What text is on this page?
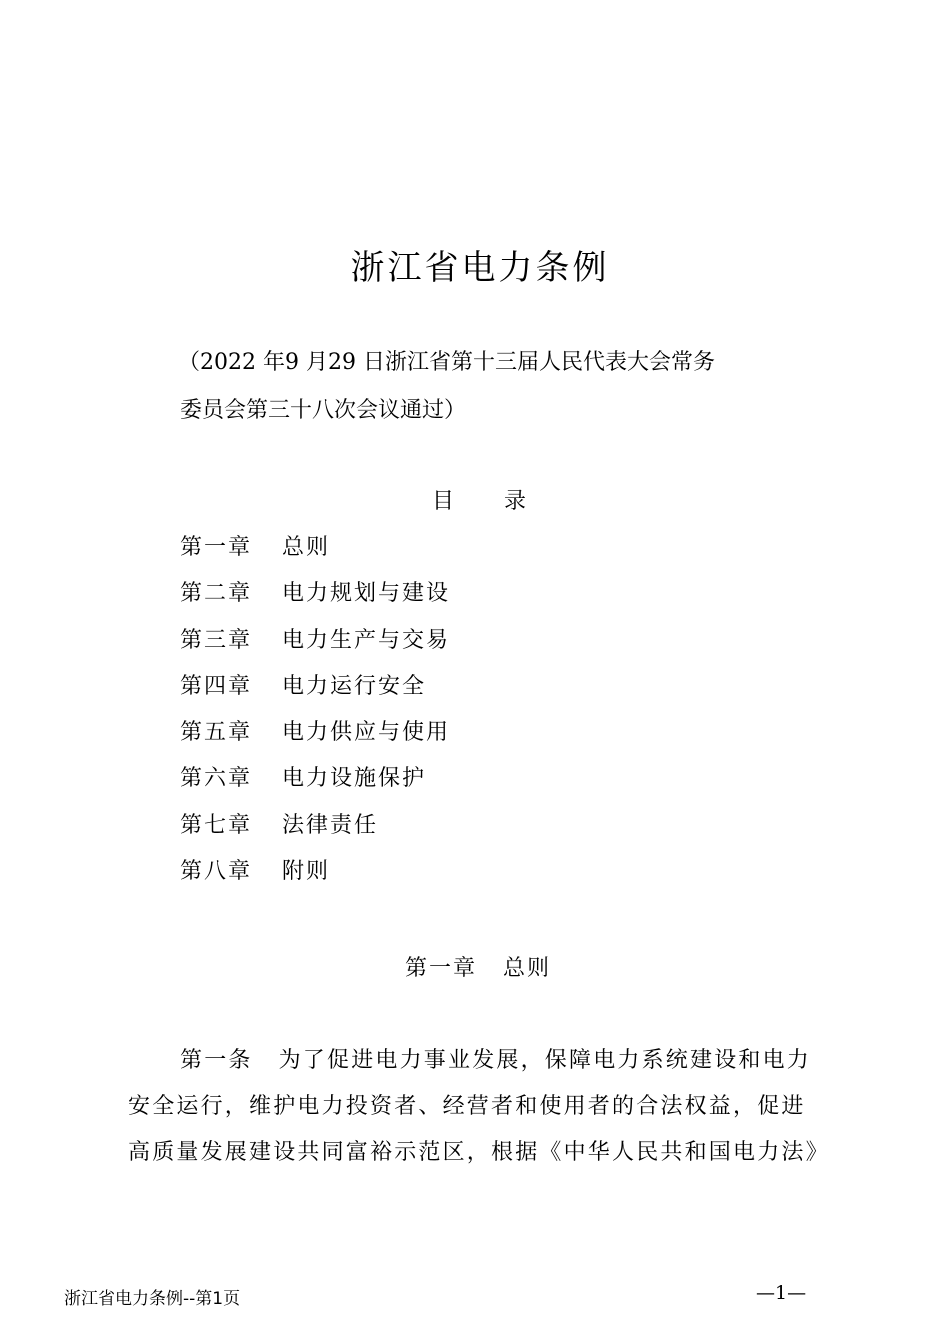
浙江省电力条例
（2022 年9 月29 日浙江省第十三届人民代表大会常务
委员会第三十八次会议通过）
目 录
第一章 总则
第二章 电力规划与建设
第三章 电力生产与交易
第四章 电力运行安全
第五章 电力供应与使用
第六章 电力设施保护
第七章 法律责任
第八章 附则
第一章 总则
第一条 为了促进电力事业发展，保障电力系统建设和电力
安全运行，维护电力投资者、经营者和使用者的合法权益，促进
高质量发展建设共同富裕示范区，根据《中华人民共和国电力法》
浙江省电力条例--第1页	—1—
